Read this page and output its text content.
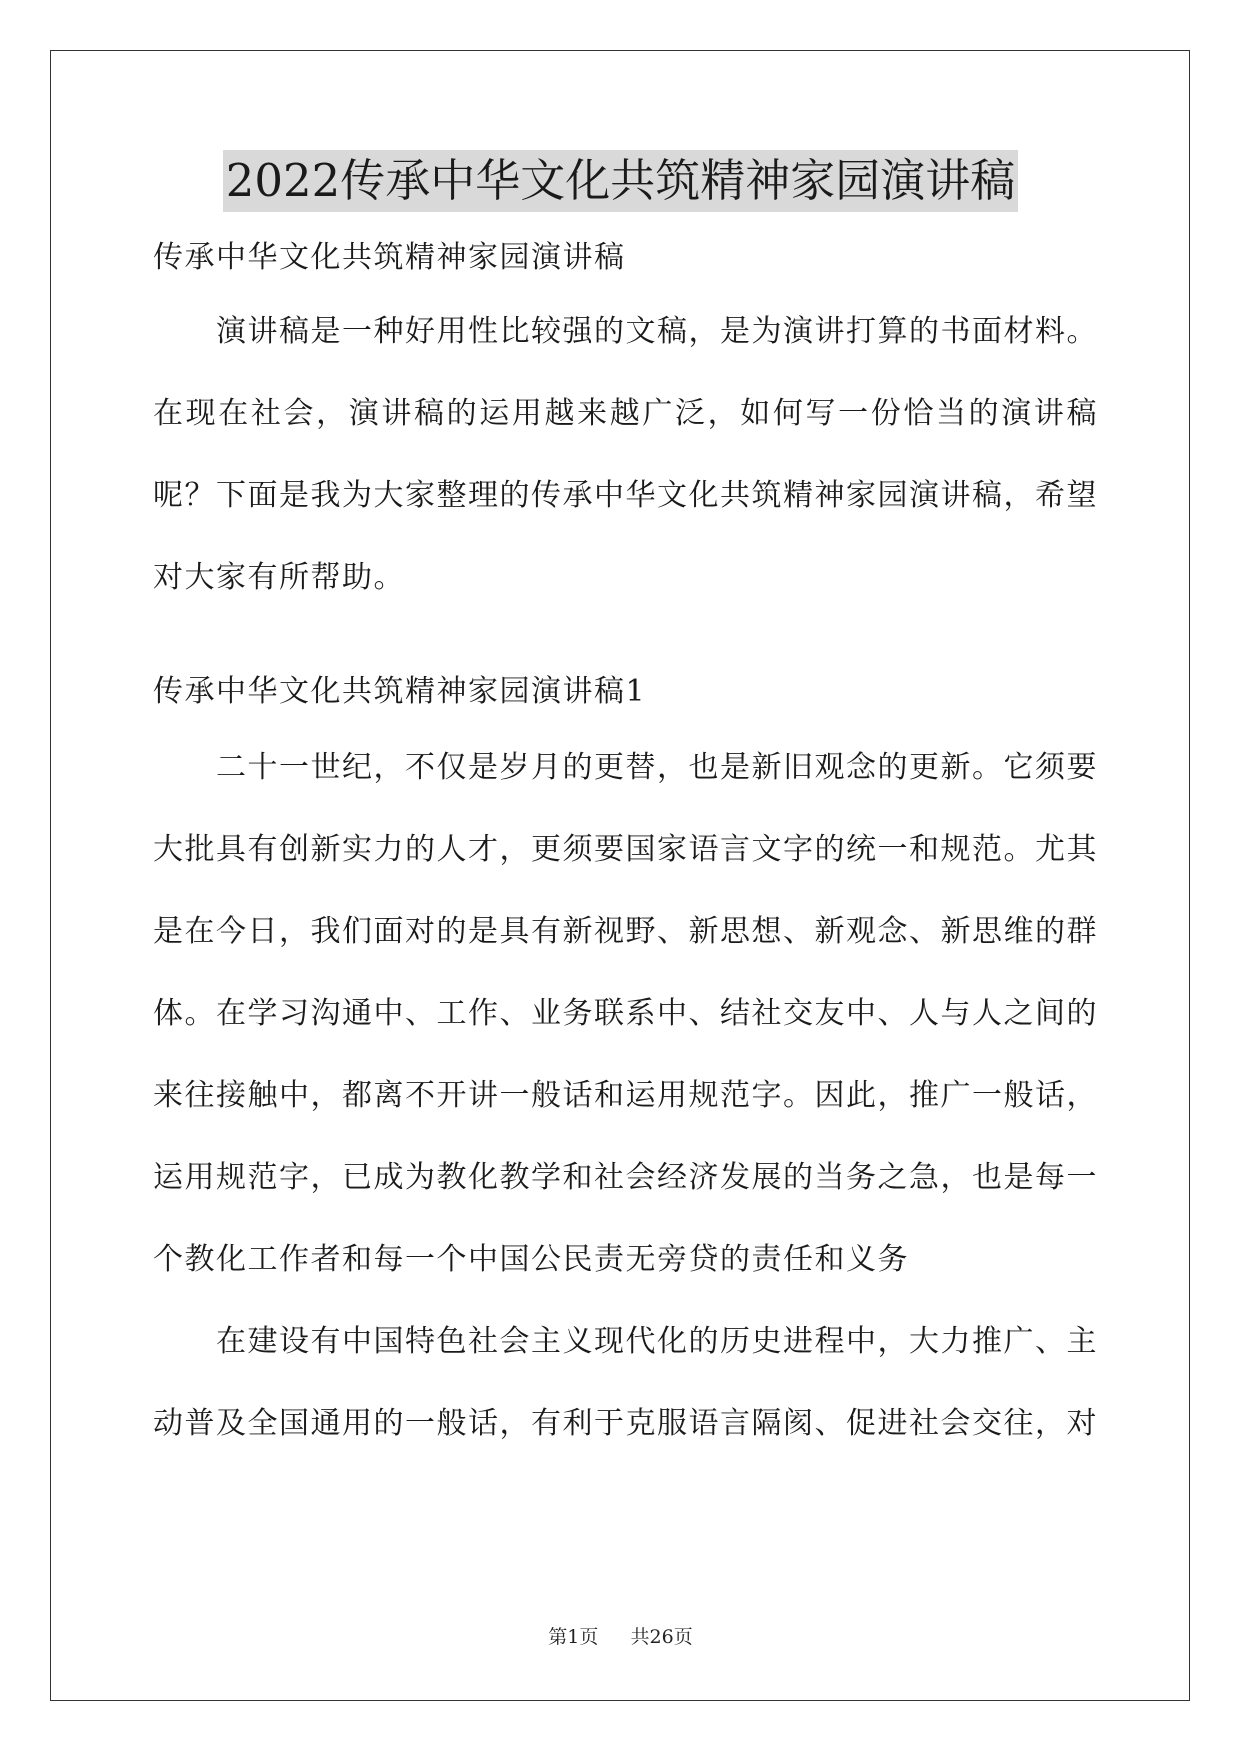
2022传承中华文化共筑精神家园演讲稿
传承中华文化共筑精神家园演讲稿
演讲稿是一种好用性比较强的文稿，是为演讲打算的书面材料。在现在社会，演讲稿的运用越来越广泛，如何写一份恰当的演讲稿呢？下面是我为大家整理的传承中华文化共筑精神家园演讲稿，希望对大家有所帮助。
传承中华文化共筑精神家园演讲稿1
二十一世纪，不仅是岁月的更替，也是新旧观念的更新。它须要大批具有创新实力的人才，更须要国家语言文字的统一和规范。尤其是在今日，我们面对的是具有新视野、新思想、新观念、新思维的群体。在学习沟通中、工作、业务联系中、结社交友中、人与人之间的来往接触中，都离不开讲一般话和运用规范字。因此，推广一般话，运用规范字，已成为教化教学和社会经济发展的当务之急，也是每一个教化工作者和每一个中国公民责无旁贷的责任和义务
在建设有中国特色社会主义现代化的历史进程中，大力推广、主动普及全国通用的一般话，有利于克服语言隔阂、促进社会交往，对
第1页 共26页
